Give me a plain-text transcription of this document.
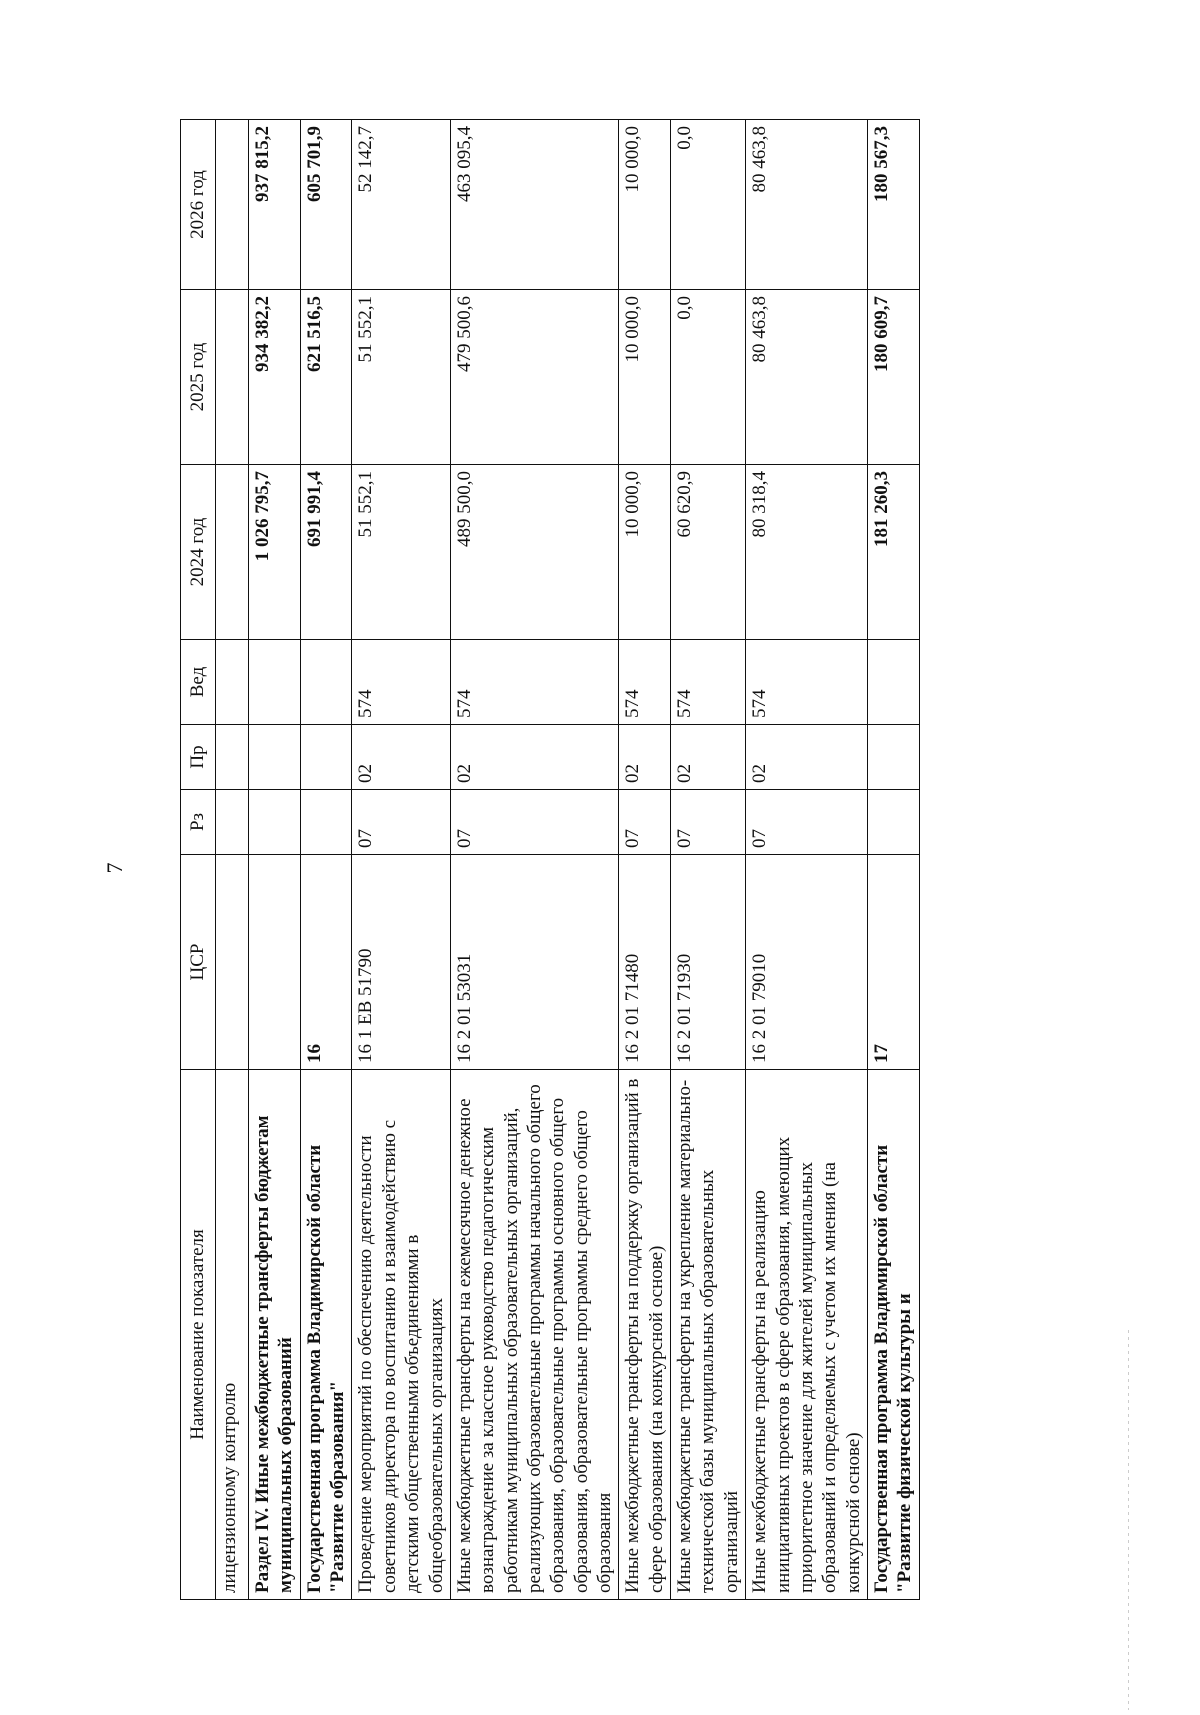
7
Наименование показателя	ЦСР	Рз	Пр	Вед	2024 год	2025 год	2026 год
лицензионному контролю							
Раздел IV. Иные межбюджетные трансферты бюджетам муниципальных образований					1 026 795,7	934 382,2	937 815,2
Государственная программа Владимирской области "Развитие образования"	16				691 991,4	621 516,5	605 701,9
Проведение мероприятий по обеспечению деятельности советников директора по воспитанию и взаимодействию с детскими общественными объединениями в общеобразовательных организациях	16 1 ЕВ 51790	07	02	574	51 552,1	51 552,1	52 142,7
Иные межбюджетные трансферты на ежемесячное денежное вознаграждение за классное руководство педагогическим работникам муниципальных образовательных организаций, реализующих образовательные программы начального общего образования, образовательные программы основного общего образования, образовательные программы среднего общего образования	16 2 01 53031	07	02	574	489 500,0	479 500,6	463 095,4
Иные межбюджетные трансферты на поддержку организаций в сфере образования (на конкурсной основе)	16 2 01 71480	07	02	574	10 000,0	10 000,0	10 000,0
Иные межбюджетные трансферты на укрепление материально-технической базы муниципальных образовательных организаций	16 2 01 71930	07	02	574	60 620,9	0,0	0,0
Иные межбюджетные трансферты на реализацию инициативных проектов в сфере образования, имеющих приоритетное значение для жителей муниципальных образований и определяемых с учетом их мнения (на конкурсной основе)	16 2 01 79010	07	02	574	80 318,4	80 463,8	80 463,8
Государственная программа Владимирской области "Развитие физической культуры и	17				181 260,3	180 609,7	180 567,3
